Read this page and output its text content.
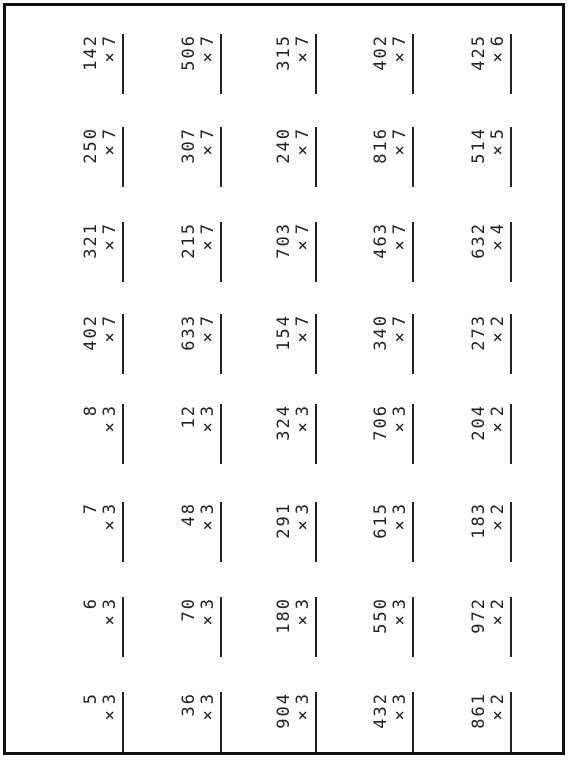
142 ×7
8
×3
506 ×7
12 ×3
315 ×7
324 ×3
402 ×7
706 ×3
425 ×6
204 ×2
250 ×7
7
×3
307 ×7
48 ×3
240 ×7
291 ×3
816 ×7
615 ×3
514 ×5
183 ×2
321 ×7
6
×3
215 ×7
70 ×3
703 ×7
180 ×3
463 ×7
550 ×3
632 ×4
972 ×2
402 ×7
5
×3
633 ×7
36 ×3
154 ×7
904 ×3
340 ×7
432 ×3
273 ×2
861 ×2
